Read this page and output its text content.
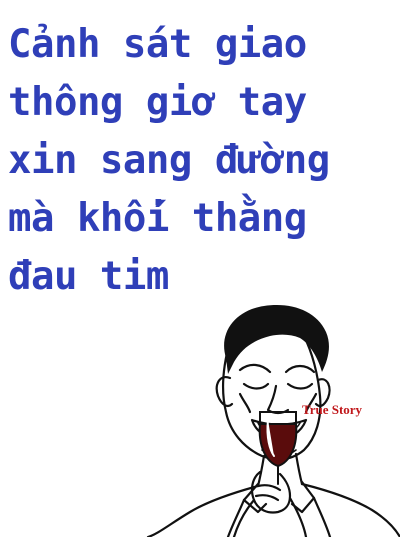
Cảnh sát giao
thông giơ tay
xin sang đường
mà khối thằng
đau tim
True Story
